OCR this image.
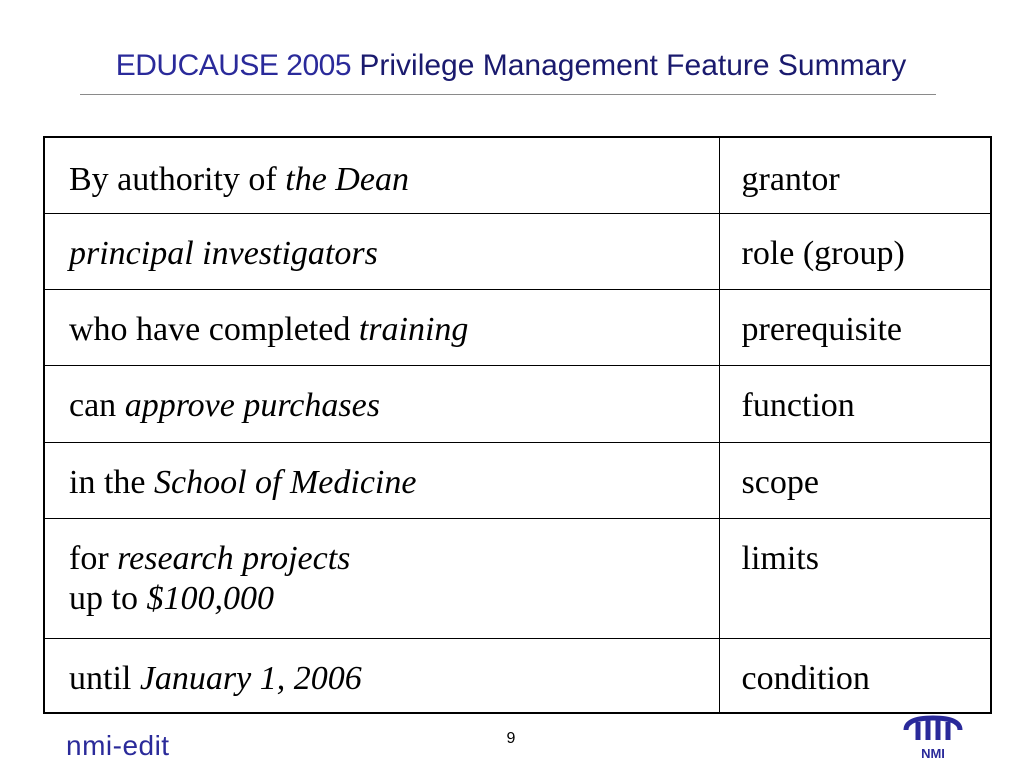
EDUCAUSE 2005 Privilege Management Feature Summary
By authority of the Dean	grantor
principal investigators	role (group)
who have completed training	prerequisite
can approve purchases	function
in the School of Medicine	scope
for research projects
up to $100,000	limits
until January 1, 2006	condition
9
nmi-edit	NMI
